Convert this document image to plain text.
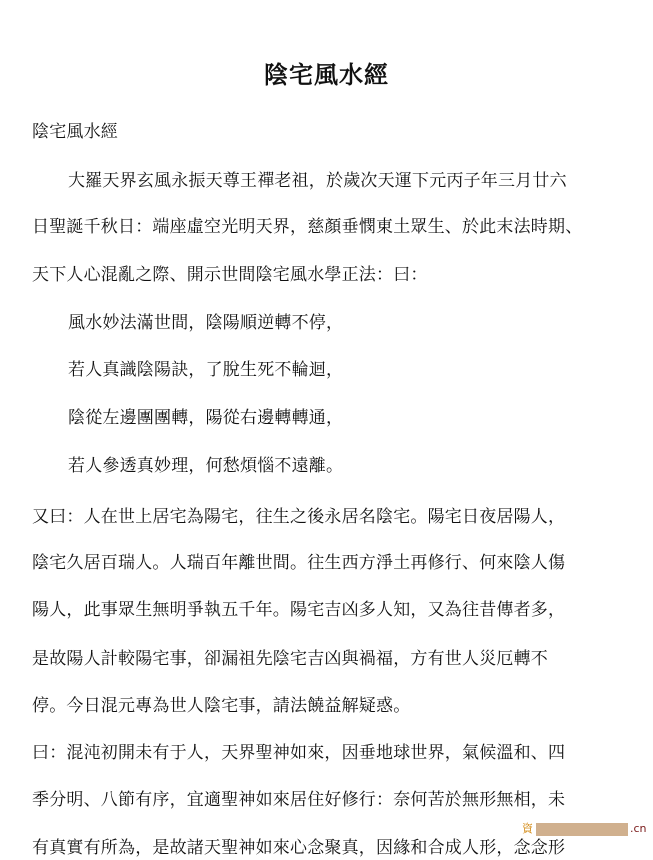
陰宅風水經
陰宅風水經
大羅天界玄風永振天尊王禪老祖，於歲次天運下元丙子年三月廿六
日聖誕千秋日：端座虛空光明天界，慈顏垂憫東土眾生、於此末法時期、
天下人心混亂之際、開示世間陰宅風水學正法：曰：
風水妙法滿世間，陰陽順逆轉不停，
若人真識陰陽訣，了脫生死不輪迴，
陰從左邊團團轉，陽從右邊轉轉通，
若人參透真妙理，何愁煩惱不遠離。
又曰：人在世上居宅為陽宅，往生之後永居名陰宅。陽宅日夜居陽人，
陰宅久居百瑞人。人瑞百年離世間。往生西方淨土再修行、何來陰人傷
陽人，此事眾生無明爭執五千年。陽宅吉凶多人知，又為往昔傳者多，
是故陽人計較陽宅事，卻漏祖先陰宅吉凶與禍福，方有世人災厄轉不
停。今日混元專為世人陰宅事，請法饒益解疑惑。
曰：混沌初開未有于人，天界聖神如來，因垂地球世界，氣候溫和、四
季分明、八節有序，宜適聖神如來居住好修行：奈何苦於無形無相，未
有真實有所為，是故諸天聖神如來心念聚真，因緣和合成人形，念念形
資	.cn
